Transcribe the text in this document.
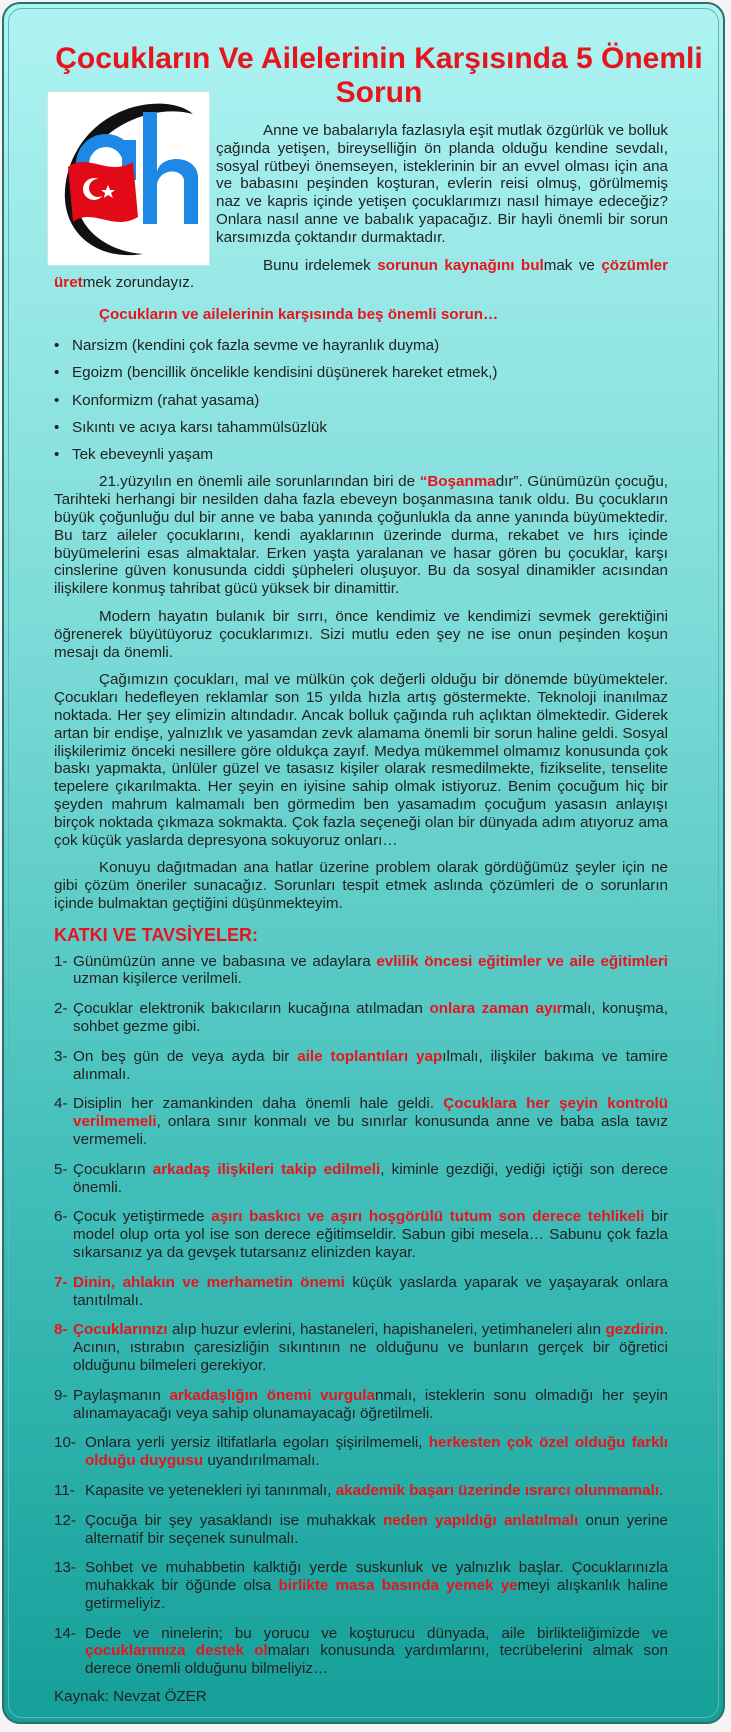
Çocukların Ve Ailelerinin Karşısında 5 Önemli Sorun

Anne ve babalarıyla fazlasıyla eşit mutlak özgürlük ve bolluk çağında yetişen, bireyselliğin ön planda olduğu kendine sevdalı, sosyal rütbeyi önemseyen, isteklerinin bir an evvel olması için ana ve babasını peşinden koşturan, evlerin reisi olmuş, görülmemiş naz ve kapris içinde yetişen çocuklarımızı nasıl himaye edeceğiz? Onlara nasıl anne ve babalık yapacağız. Bir hayli önemli bir sorun karsımızda çoktandır durmaktadır.

Bunu irdelemek sorunun kaynağını bulmak ve çözümler üretmek zorundayız.

Çocukların ve ailelerinin karşısında beş önemli sorun…

• Narsizm (kendini çok fazla sevme ve hayranlık duyma)
• Egoizm (bencillik öncelikle kendisini düşünerek hareket etmek,)
• Konformizm (rahat yasama)
• Sıkıntı ve acıya karsı tahammülsüzlük
• Tek ebeveynli yaşam

21.yüzyılın en önemli aile sorunlarından biri de “Boşanmadır”. Günümüzün çocuğu, Tarihteki herhangi bir nesilden daha fazla ebeveyn boşanmasına tanık oldu. Bu çocukların büyük çoğunluğu dul bir anne ve baba yanında çoğunlukla da anne yanında büyümektedir. Bu tarz aileler çocuklarını, kendi ayaklarının üzerinde durma, rekabet ve hırs içinde büyümelerini esas almaktalar. Erken yaşta yaralanan ve hasar gören bu çocuklar, karşı cinslerine güven konusunda ciddi şüpheleri oluşuyor. Bu da sosyal dinamikler acısından ilişkilere konmuş tahribat gücü yüksek bir dinamittir.

Modern hayatın bulanık bir sırrı, önce kendimiz ve kendimizi sevmek gerektiğini öğrenerek büyütüyoruz çocuklarımızı. Sizi mutlu eden şey ne ise onun peşinden koşun mesajı da önemli.

Çağımızın çocukları, mal ve mülkün çok değerli olduğu bir dönemde büyümekteler. Çocukları hedefleyen reklamlar son 15 yılda hızla artış göstermekte. Teknoloji inanılmaz noktada. Her şey elimizin altındadır. Ancak bolluk çağında ruh açlıktan ölmektedir. Giderek artan bir endişe, yalnızlık ve yasamdan zevk alamama önemli bir sorun haline geldi. Sosyal ilişkilerimiz önceki nesillere göre oldukça zayıf. Medya mükemmel olmamız konusunda çok baskı yapmakta, ünlüler güzel ve tasasız kişiler olarak resmedilmekte, fizikselite, tenselite tepelere çıkarılmakta. Her şeyin en iyisine sahip olmak istiyoruz. Benim çocuğum hiç bir şeyden mahrum kalmamalı ben görmedim ben yasamadım çocuğum yasasın anlayışı birçok noktada çıkmaza sokmakta. Çok fazla seçeneği olan bir dünyada adım atıyoruz ama çok küçük yaslarda depresyona sokuyoruz onları…

Konuyu dağıtmadan ana hatlar üzerine problem olarak gördüğümüz şeyler için ne gibi çözüm öneriler sunacağız. Sorunları tespit etmek aslında çözümleri de o sorunların içinde bulmaktan geçtiğini düşünmekteyim.

KATKI VE TAVSİYELER:

1- Günümüzün anne ve babasına ve adaylara evlilik öncesi eğitimler ve aile eğitimleri uzman kişilerce verilmeli.
2- Çocuklar elektronik bakıcıların kucağına atılmadan onlara zaman ayırmalı, konuşma, sohbet gezme gibi.
3- On beş gün de veya ayda bir aile toplantıları yapılmalı, ilişkiler bakıma ve tamire alınmalı.
4- Disiplin her zamankinden daha önemli hale geldi. Çocuklara her şeyin kontrolü verilmemeli, onlara sınır konmalı ve bu sınırlar konusunda anne ve baba asla tavız vermemeli.
5- Çocukların arkadaş ilişkileri takip edilmeli, kiminle gezdiği, yediği içtiği son derece önemli.
6- Çocuk yetiştirmede aşırı baskıcı ve aşırı hoşgörülü tutum son derece tehlikeli bir model olup orta yol ise son derece eğitimseldir. Sabun gibi mesela… Sabunu çok fazla sıkarsanız ya da gevşek tutarsanız elinizden kayar.
7- Dinin, ahlakın ve merhametin önemi küçük yaslarda yaparak ve yaşayarak onlara tanıtılmalı.
8- Çocuklarınızı alıp huzur evlerini, hastaneleri, hapishaneleri, yetimhaneleri alın gezdirin. Acının, ıstırabın çaresizliğin sıkıntının ne olduğunu ve bunların gerçek bir öğretici olduğunu bilmeleri gerekiyor.
9- Paylaşmanın arkadaşlığın önemi vurgulanmalı, isteklerin sonu olmadığı her şeyin alınamayacağı veya sahip olunamayacağı öğretilmeli.
10- Onlara yerli yersiz iltifatlarla egoları şişirilmemeli, herkesten çok özel olduğu farklı olduğu duygusu uyandırılmamalı.
11- Kapasite ve yetenekleri iyi tanınmalı, akademik başarı üzerinde ısrarcı olunmamalı.
12- Çocuğa bir şey yasaklandı ise muhakkak neden yapıldığı anlatılmalı onun yerine alternatif bir seçenek sunulmalı.
13- Sohbet ve muhabbetin kalktığı yerde suskunluk ve yalnızlık başlar. Çocuklarınızla muhakkak bir öğünde olsa birlikte masa basında yemek yemeyi alışkanlık haline getirmeliyiz.
14- Dede ve ninelerin; bu yorucu ve koşturucu dünyada, aile birlikteliğimizde ve çocuklarımıza destek olmaları konusunda yardımlarını, tecrübelerini almak son derece önemli olduğunu bilmeliyiz…

Kaynak: Nevzat ÖZER
